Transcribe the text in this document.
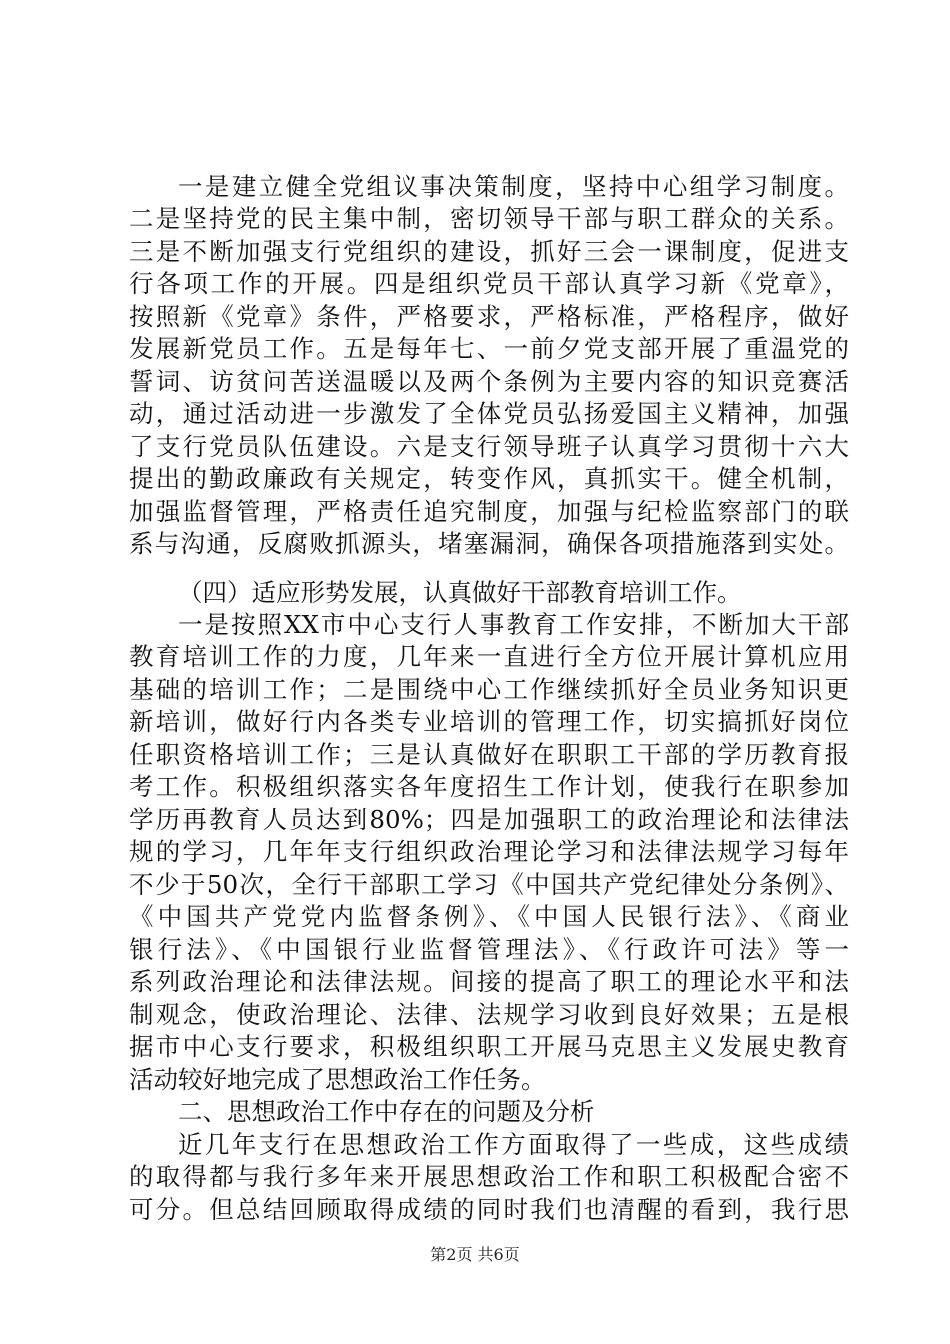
一是建立健全党组议事决策制度，坚持中心组学习制度。
二是坚持党的民主集中制，密切领导干部与职工群众的关系。
三是不断加强支行党组织的建设，抓好三会一课制度，促进支
行各项工作的开展。四是组织党员干部认真学习新《党章》，
按照新《党章》条件，严格要求，严格标准，严格程序，做好
发展新党员工作。五是每年七、一前夕党支部开展了重温党的
誓词、访贫问苦送温暖以及两个条例为主要内容的知识竞赛活
动，通过活动进一步激发了全体党员弘扬爱国主义精神，加强
了支行党员队伍建设。六是支行领导班子认真学习贯彻十六大
提出的勤政廉政有关规定，转变作风，真抓实干。健全机制，
加强监督管理，严格责任追究制度，加强与纪检监察部门的联
系与沟通，反腐败抓源头，堵塞漏洞，确保各项措施落到实处。
（四）适应形势发展，认真做好干部教育培训工作。
一是按照XX市中心支行人事教育工作安排，不断加大干部
教育培训工作的力度，几年来一直进行全方位开展计算机应用
基础的培训工作；二是围绕中心工作继续抓好全员业务知识更
新培训，做好行内各类专业培训的管理工作，切实搞抓好岗位
任职资格培训工作；三是认真做好在职职工干部的学历教育报
考工作。积极组织落实各年度招生工作计划，使我行在职参加
学历再教育人员达到80%；四是加强职工的政治理论和法律法
规的学习，几年年支行组织政治理论学习和法律法规学习每年
不少于50次，全行干部职工学习《中国共产党纪律处分条例》、
《中国共产党党内监督条例》、《中国人民银行法》、《商业
银行法》、《中国银行业监督管理法》、《行政许可法》等一
系列政治理论和法律法规。间接的提高了职工的理论水平和法
制观念，使政治理论、法律、法规学习收到良好效果；五是根
据市中心支行要求，积极组织职工开展马克思主义发展史教育
活动较好地完成了思想政治工作任务。
二、思想政治工作中存在的问题及分析
近几年支行在思想政治工作方面取得了一些成，这些成绩
的取得都与我行多年来开展思想政治工作和职工积极配合密不
可分。但总结回顾取得成绩的同时我们也清醒的看到，我行思
第2页 共6页
